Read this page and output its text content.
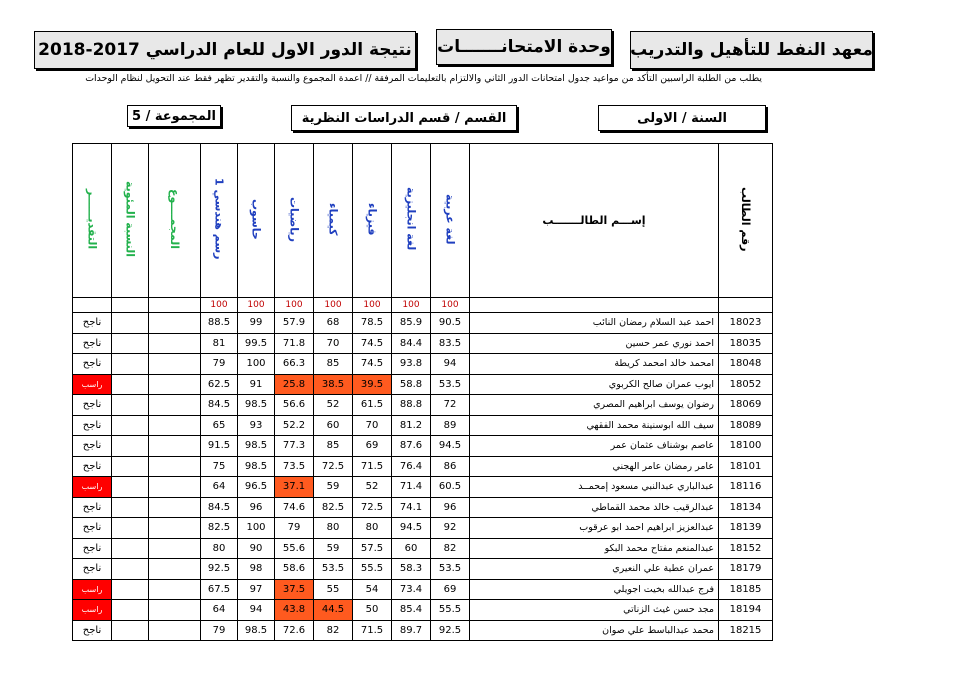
معهد النفط للتأهيل والتدريب
وحدة الامتحانـــــــات
نتيجة الدور الاول للعام الدراسي 2017-2018
يطلب من الطلبة الراسبين التأكد من مواعيد جدول امتحانات الدور الثاني والالتزام بالتعليمات المرفقة // اعمدة المجموع والنسبة والتقدير تظهر فقط عند التحويل لنظام الوحدات
السنة / الاولى
القسم / قسم الدراسات النظرية
المجموعة / 5
رقم الطالب	إســـم الطالـــــــب	لغة عربية	لغة انجليزية	فيزياء	كيمياء	رياضيات	حاسوب	رسم هندسي 1	المجمــــوع	النسبة المئوية	التقديــــــر
		100	100	100	100	100	100	100			
18023	احمد عبد السلام رمضان النائب	90.5	85.9	78.5	68	57.9	99	88.5			ناجح
18035	احمد نوري عمر حسين	83.5	84.4	74.5	70	71.8	99.5	81			ناجح
18048	امحمد خالد امحمد كريطة	94	93.8	74.5	85	66.3	100	79			ناجح
18052	ايوب عمران صالح الكربوي	53.5	58.8	39.5	38.5	25.8	91	62.5			راسب
18069	رضوان يوسف ابراهيم المصري	72	88.8	61.5	52	56.6	98.5	84.5			ناجح
18089	سيف الله ابوسنينة محمد الفقهي	89	81.2	70	60	52.2	93	65			ناجح
18100	عاصم بوشناف عثمان عمر	94.5	87.6	69	85	77.3	98.5	91.5			ناجح
18101	عامر رمضان عامر الهجني	86	76.4	71.5	72.5	73.5	98.5	75			ناجح
18116	عبدالباري عبدالنبي مسعود إمحمــد	60.5	71.4	52	59	37.1	96.5	64			راسب
18134	عبدالرقيب خالد محمد القماطي	96	74.1	72.5	82.5	74.6	96	84.5			ناجح
18139	عبدالعزيز ابراهيم احمد ابو عرقوب	92	94.5	80	80	79	100	82.5			ناجح
18152	عبدالمنعم مفتاح محمد البكو	82	60	57.5	59	55.6	90	80			ناجح
18179	عمران عطية علي النعيري	53.5	58.3	55.5	53.5	58.6	98	92.5			ناجح
18185	فرج عبدالله بخيت اجويلي	69	73.4	54	55	37.5	97	67.5			راسب
18194	مجد حسن غيث الزناتي	55.5	85.4	50	44.5	43.8	94	64			راسب
18215	محمد عبدالباسط علي صوان	92.5	89.7	71.5	82	72.6	98.5	79			ناجح
